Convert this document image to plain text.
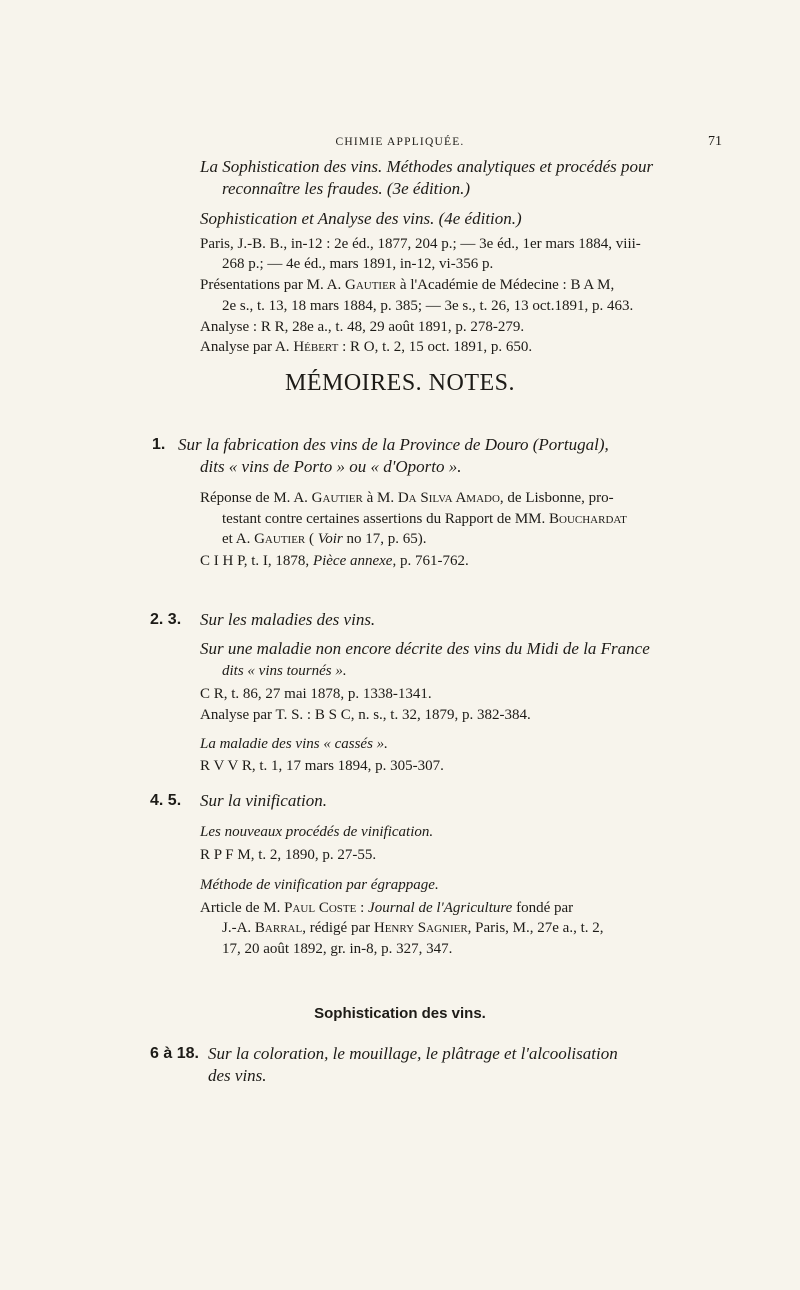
CHIMIE APPLIQUÉE.	71
La Sophistication des vins. Méthodes analytiques et procédés pour
reconnaître les fraudes. (3e édition.)
Sophistication et Analyse des vins. (4e édition.)
Paris, J.-B. B., in-12 : 2e éd., 1877, 204 p.; — 3e éd., 1er mars 1884, viii-
268 p.; — 4e éd., mars 1891, in-12, vi-356 p.
Présentations par M. A. Gautier à l'Académie de Médecine : B A M,
2e s., t. 13, 18 mars 1884, p. 385; — 3e s., t. 26, 13 oct.1891, p. 463.
Analyse : R R, 28e a., t. 48, 29 août 1891, p. 278-279.
Analyse par A. Hébert : R O, t. 2, 15 oct. 1891, p. 650.
MÉMOIRES. NOTES.
1. Sur la fabrication des vins de la Province de Douro (Portugal),
dits « vins de Porto » ou « d'Oporto ».
Réponse de M. A. Gautier à M. Da Silva Amado, de Lisbonne, pro-
testant contre certaines assertions du Rapport de MM. Bouchardat
et A. Gautier ( Voir no 17, p. 65).
C I H P, t. I, 1878, Pièce annexe, p. 761-762.
2. 3. Sur les maladies des vins.
Sur une maladie non encore décrite des vins du Midi de la France
dits « vins tournés ».
C R, t. 86, 27 mai 1878, p. 1338-1341.
Analyse par T. S. : B S C, n. s., t. 32, 1879, p. 382-384.
La maladie des vins « cassés ».
R V V R, t. 1, 17 mars 1894, p. 305-307.
4. 5. Sur la vinification.
Les nouveaux procédés de vinification.
R P F M, t. 2, 1890, p. 27-55.
Méthode de vinification par égrappage.
Article de M. Paul Coste : Journal de l'Agriculture fondé par
J.-A. Barral, rédigé par Henry Sagnier, Paris, M., 27e a., t. 2,
17, 20 août 1892, gr. in-8, p. 327, 347.
Sophistication des vins.
6 à 18. Sur la coloration, le mouillage, le plâtrage et l'alcoolisation
des vins.
